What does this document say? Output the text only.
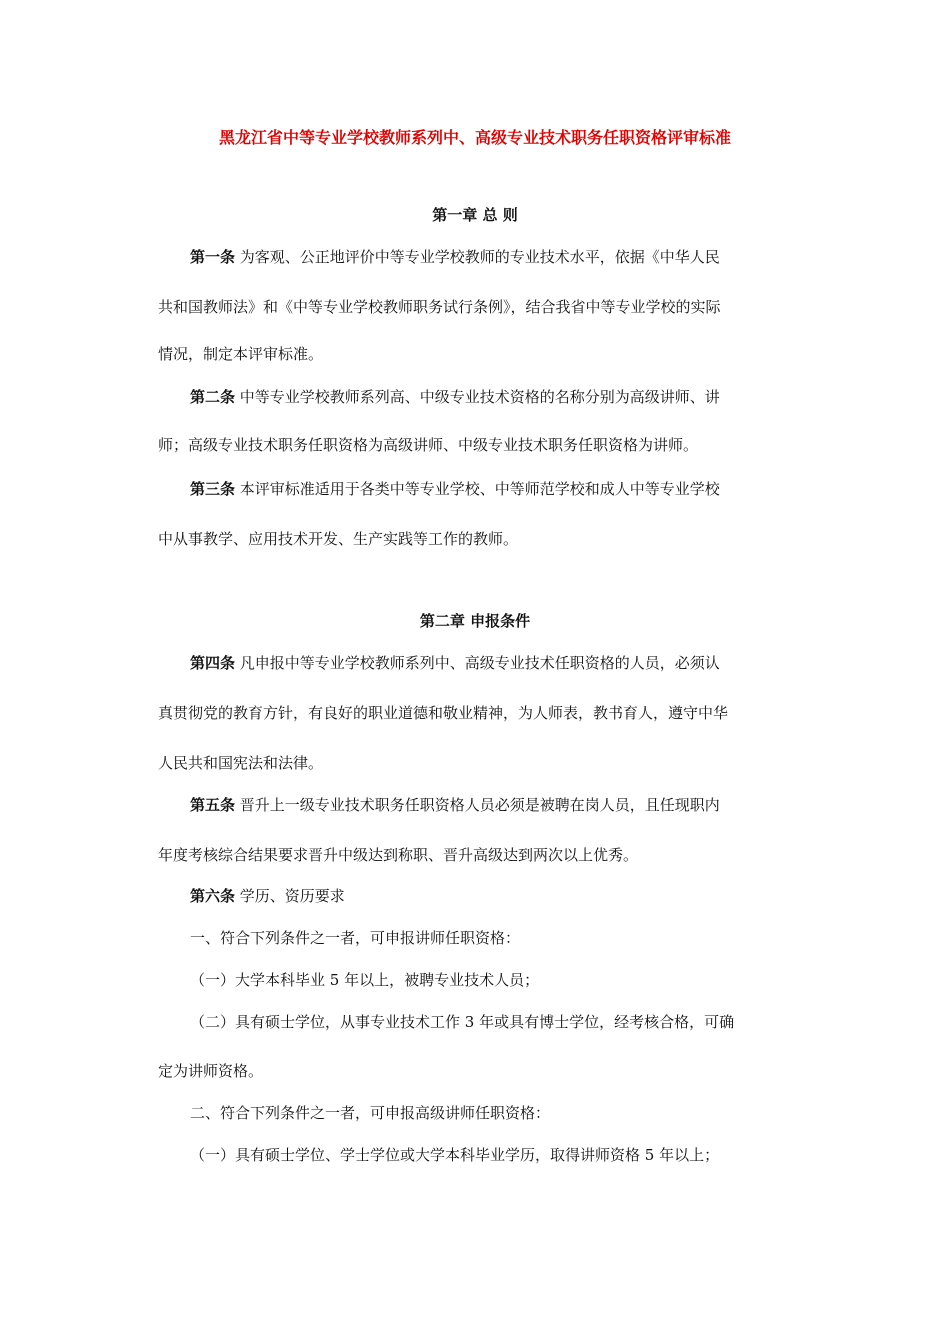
黑龙江省中等专业学校教师系列中、高级专业技术职务任职资格评审标准
第一章 总 则
第一条 为客观、公正地评价中等专业学校教师的专业技术水平，依据《中华人民
共和国教师法》和《中等专业学校教师职务试行条例》，结合我省中等专业学校的实际
情况，制定本评审标准。
第二条 中等专业学校教师系列高、中级专业技术资格的名称分别为高级讲师、讲
师；高级专业技术职务任职资格为高级讲师、中级专业技术职务任职资格为讲师。
第三条 本评审标准适用于各类中等专业学校、中等师范学校和成人中等专业学校
中从事教学、应用技术开发、生产实践等工作的教师。
第二章 申报条件
第四条 凡申报中等专业学校教师系列中、高级专业技术任职资格的人员，必须认
真贯彻党的教育方针，有良好的职业道德和敬业精神，为人师表，教书育人，遵守中华
人民共和国宪法和法律。
第五条 晋升上一级专业技术职务任职资格人员必须是被聘在岗人员，且任现职内
年度考核综合结果要求晋升中级达到称职、晋升高级达到两次以上优秀。
第六条 学历、资历要求
一、符合下列条件之一者，可申报讲师任职资格：
（一）大学本科毕业 5 年以上，被聘专业技术人员；
（二）具有硕士学位，从事专业技术工作 3 年或具有博士学位，经考核合格，可确
定为讲师资格。
二、符合下列条件之一者，可申报高级讲师任职资格：
（一）具有硕士学位、学士学位或大学本科毕业学历，取得讲师资格 5 年以上；
